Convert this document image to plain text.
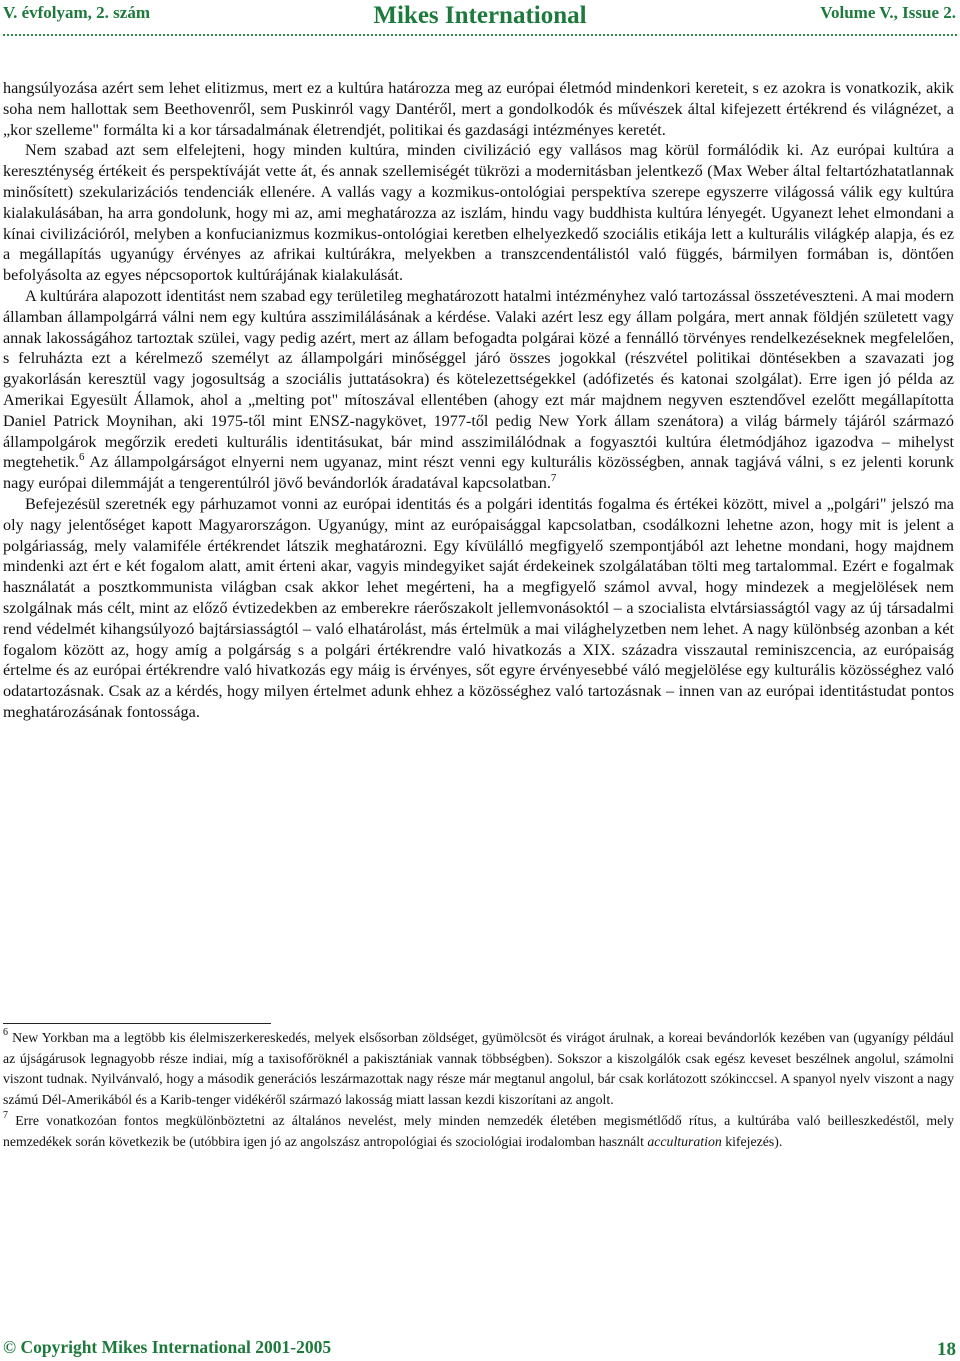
V. évfolyam, 2. szám	Mikes International	Volume V., Issue 2.

hangsúlyozása azért sem lehet elitizmus, mert ez a kultúra határozza meg az európai életmód mindenkori kereteit, s ez azokra is vonatkozik, akik soha nem hallottak sem Beethovenről, sem Puskinról vagy Dantéről, mert a gondolkodók és művészek által kifejezett értékrend és világnézet, a „kor szelleme" formálta ki a kor társadalmának életrendjét, politikai és gazdasági intézményes keretét.

Nem szabad azt sem elfelejteni, hogy minden kultúra, minden civilizáció egy vallásos mag körül formálódik ki. Az európai kultúra a kereszténység értékeit és perspektíváját vette át, és annak szellemiségét tükrözi a modernitásban jelentkező (Max Weber által feltartózhatatlannak minősített) szekularizációs tendenciák ellenére. A vallás vagy a kozmikus-ontológiai perspektíva szerepe egyszerre világossá válik egy kultúra kialakulásában, ha arra gondolunk, hogy mi az, ami meghatározza az iszlám, hindu vagy buddhista kultúra lényegét. Ugyanezt lehet elmondani a kínai civilizációról, melyben a konfucianizmus kozmikus-ontológiai keretben elhelyezkedő szociális etikája lett a kulturális világkép alapja, és ez a megállapítás ugyanúgy érvényes az afrikai kultúrákra, melyekben a transzcendentálistól való függés, bármilyen formában is, döntően befolyásolta az egyes népcsoportok kultúrájának kialakulását.

A kultúrára alapozott identitást nem szabad egy területileg meghatározott hatalmi intézményhez való tartozással összetéveszteni. A mai modern államban állampolgárrá válni nem egy kultúra asszimilálásának a kérdése. Valaki azért lesz egy állam polgára, mert annak földjén született vagy annak lakosságához tartoztak szülei, vagy pedig azért, mert az állam befogadta polgárai közé a fennálló törvényes rendelkezéseknek megfelelően, s felruházta ezt a kérelmező személyt az állampolgári minőséggel járó összes jogokkal (részvétel politikai döntésekben a szavazati jog gyakorlásán keresztül vagy jogosultság a szociális juttatásokra) és kötelezettségekkel (adófizetés és katonai szolgálat). Erre igen jó példa az Amerikai Egyesült Államok, ahol a „melting pot" mítoszával ellentében (ahogy ezt már majdnem negyven esztendővel ezelőtt megállapította Daniel Patrick Moynihan, aki 1975-től mint ENSZ-nagykövet, 1977-től pedig New York állam szenátora) a világ bármely tájáról származó állampolgárok megőrzik eredeti kulturális identitásukat, bár mind asszimilálódnak a fogyasztói kultúra életmódjához igazodva – mihelyst megtehetik.$^6$ Az állampolgárságot elnyerni nem ugyanaz, mint részt venni egy kulturális közösségben, annak tagjává válni, s ez jelenti korunk nagy európai dilemmáját a tengerentúlról jövő bevándorlók áradatával kapcsolatban.$^7$

Befejezésül szeretnék egy párhuzamot vonni az európai identitás és a polgári identitás fogalma és értékei között, mivel a „polgári" jelszó ma oly nagy jelentőséget kapott Magyarországon. Ugyanúgy, mint az európaisággal kapcsolatban, csodálkozni lehetne azon, hogy mit is jelent a polgáriasság, mely valamiféle értékrendet látszik meghatározni. Egy kívülálló megfigyelő szempontjából azt lehetne mondani, hogy majdnem mindenki azt ért e két fogalom alatt, amit érteni akar, vagyis mindegyiket saját érdekeinek szolgálatában tölti meg tartalommal. Ezért e fogalmak használatát a posztkommunista világban csak akkor lehet megérteni, ha a megfigyelő számol avval, hogy mindezek a megjelölések nem szolgálnak más célt, mint az előző évtizedekben az emberekre ráerőszakolt jellemvonásoktól – a szocialista elvtársiasságtól vagy az új társadalmi rend védelmét kihangsúlyozó bajtársiasságtól – való elhatárolást, más értelmük a mai világhelyzetben nem lehet. A nagy különbség azonban a két fogalom között az, hogy amíg a polgárság s a polgári értékrendre való hivatkozás a XIX. századra visszautal reminiszcencia, az európaiság értelme és az európai értékrendre való hivatkozás egy máig is érvényes, sőt egyre érvényesebbé váló megjelölése egy kulturális közösséghez való odatartozásnak. Csak az a kérdés, hogy milyen értelmet adunk ehhez a közösséghez való tartozásnak – innen van az európai identitástudat pontos meghatározásának fontossága.

$^6$ New Yorkban ma a legtöbb kis élelmiszerkereskedés, melyek elsősorban zöldséget, gyümölcsöt és virágot árulnak, a koreai bevándorlók kezében van (ugyanígy például az újságárusok legnagyobb része indiai, míg a taxisofőröknél a pakisztániak vannak többségben). Sokszor a kiszolgálók csak egész keveset beszélnek angolul, számolni viszont tudnak. Nyilvánvaló, hogy a második generációs leszármazottak nagy része már megtanul angolul, bár csak korlátozott szókinccsel. A spanyol nyelv viszont a nagy számú Dél-Amerikából és a Karib-tenger vidékéről származó lakosság miatt lassan kezdi kiszorítani az angolt.

$^7$ Erre vonatkozóan fontos megkülönböztetni az általános nevelést, mely minden nemzedék életében megismétlődő rítus, a kultúrába való beilleszkedéstől, mely nemzedékek során következik be (utóbbira igen jó az angolszász antropológiai és szociológiai irodalomban használt acculturation kifejezés).

© Copyright Mikes International 2001-2005	18
